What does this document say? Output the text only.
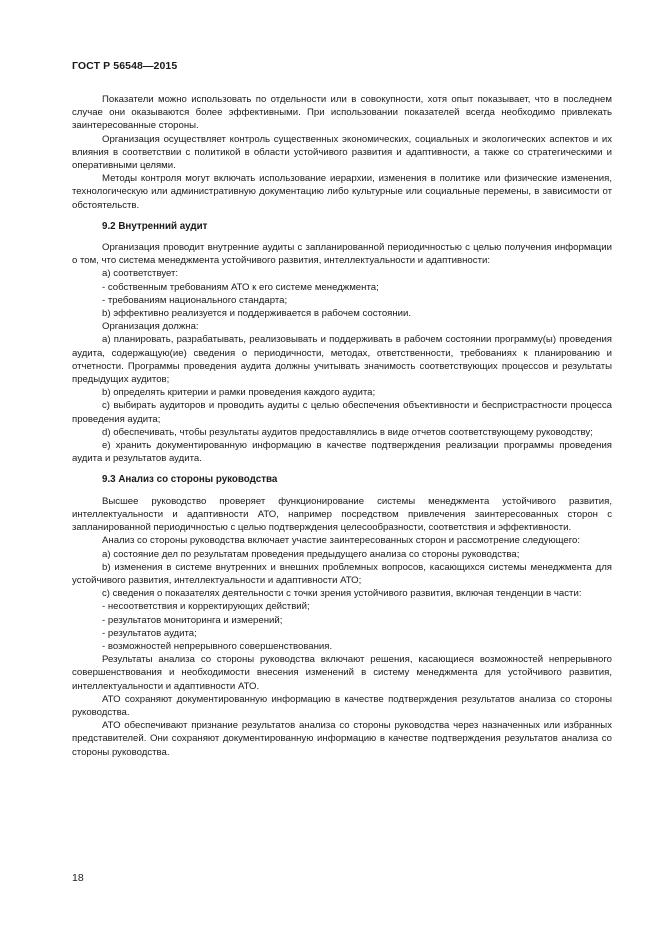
ГОСТ Р 56548—2015

Показатели можно использовать по отдельности или в совокупности, хотя опыт показывает, что в последнем случае они оказываются более эффективными. При использовании показателей всегда необходимо привлекать заинтересованные стороны.

Организация осуществляет контроль существенных экономических, социальных и экологических аспектов и их влияния в соответствии с политикой в области устойчивого развития и адаптивности, а также со стратегическими и оперативными целями.

Методы контроля могут включать использование иерархии, изменения в политике или физические изменения, технологическую или административную документацию либо культурные или социальные перемены, в зависимости от обстоятельств.

9.2 Внутренний аудит

Организация проводит внутренние аудиты с запланированной периодичностью с целью получения информации о том, что система менеджмента устойчивого развития, интеллектуальности и адаптивности:

а) соответствует:

- собственным требованиям АТО к его системе менеджмента;

- требованиям национального стандарта;

b) эффективно реализуется и поддерживается в рабочем состоянии.

Организация должна:

а) планировать, разрабатывать, реализовывать и поддерживать в рабочем состоянии программу(ы) проведения аудита, содержащую(ие) сведения о периодичности, методах, ответственности, требованиях к планированию и отчетности. Программы проведения аудита должны учитывать значимость соответствующих процессов и результаты предыдущих аудитов;

b) определять критерии и рамки проведения каждого аудита;

с) выбирать аудиторов и проводить аудиты с целью обеспечения объективности и беспристрастности процесса проведения аудита;

d) обеспечивать, чтобы результаты аудитов предоставлялись в виде отчетов соответствующему руководству;

е) хранить документированную информацию в качестве подтверждения реализации программы проведения аудита и результатов аудита.

9.3 Анализ со стороны руководства

Высшее руководство проверяет функционирование системы менеджмента устойчивого развития, интеллектуальности и адаптивности АТО, например посредством привлечения заинтересованных сторон с запланированной периодичностью с целью подтверждения целесообразности, соответствия и эффективности.

Анализ со стороны руководства включает участие заинтересованных сторон и рассмотрение следующего:

а) состояние дел по результатам проведения предыдущего анализа со стороны руководства;

b) изменения в системе внутренних и внешних проблемных вопросов, касающихся системы менеджмента для устойчивого развития, интеллектуальности и адаптивности АТО;

с) сведения о показателях деятельности с точки зрения устойчивого развития, включая тенденции в части:

- несоответствия и корректирующих действий;

- результатов мониторинга и измерений;

- результатов аудита;

- возможностей непрерывного совершенствования.

Результаты анализа со стороны руководства включают решения, касающиеся возможностей непрерывного совершенствования и необходимости внесения изменений в систему менеджмента для устойчивого развития, интеллектуальности и адаптивности АТО.

АТО сохраняют документированную информацию в качестве подтверждения результатов анализа со стороны руководства.

АТО обеспечивают признание результатов анализа со стороны руководства через назначенных или избранных представителей. Они сохраняют документированную информацию в качестве подтверждения результатов анализа со стороны руководства.

18
